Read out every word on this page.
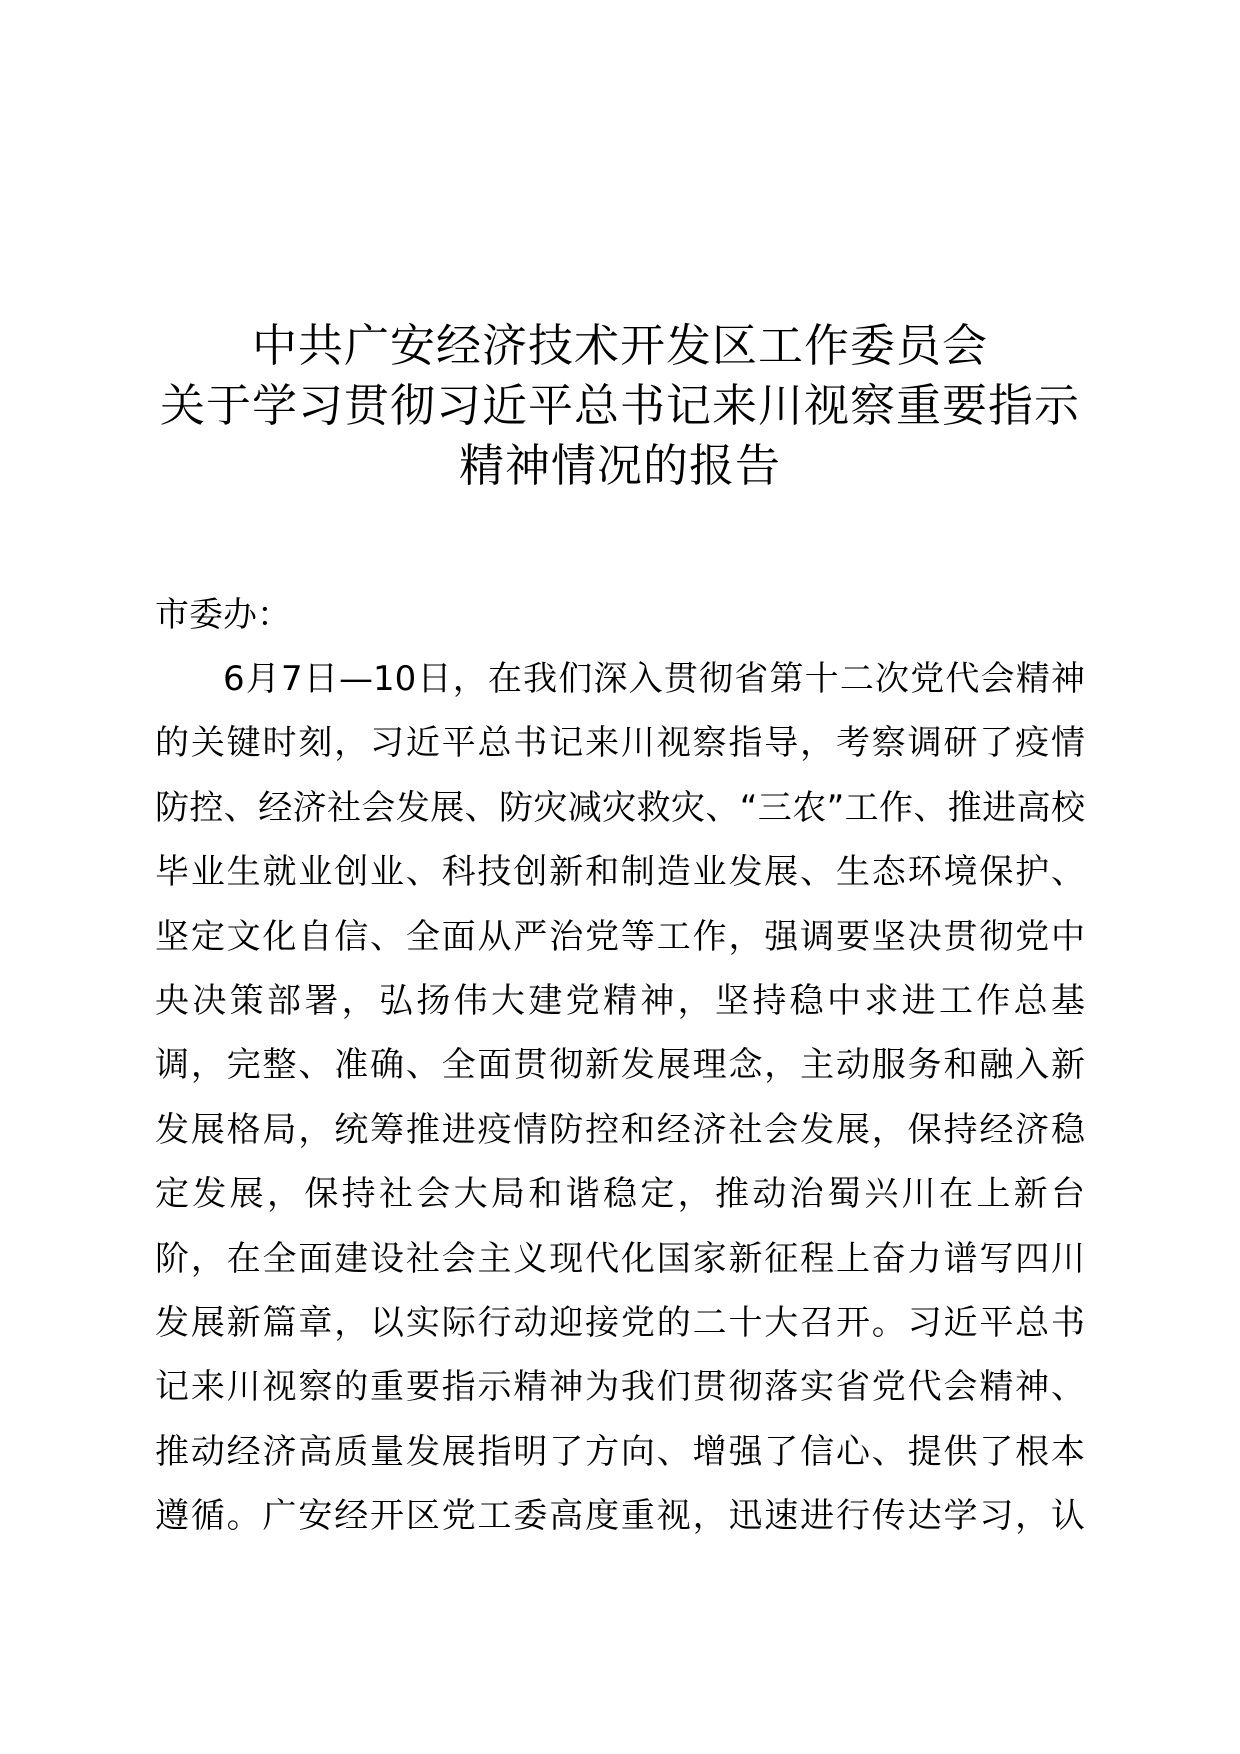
中共广安经济技术开发区工作委员会
关于学习贯彻习近平总书记来川视察重要指示
精神情况的报告
市委办：
6月7日—10日，在我们深入贯彻省第十二次党代会精神
的关键时刻，习近平总书记来川视察指导，考察调研了疫情
防控、经济社会发展、防灾减灾救灾、“三农”工作、推进高校
毕业生就业创业、科技创新和制造业发展、生态环境保护、
坚定文化自信、全面从严治党等工作，强调要坚决贯彻党中
央决策部署，弘扬伟大建党精神，坚持稳中求进工作总基
调，完整、准确、全面贯彻新发展理念，主动服务和融入新
发展格局，统筹推进疫情防控和经济社会发展，保持经济稳
定发展，保持社会大局和谐稳定，推动治蜀兴川在上新台
阶，在全面建设社会主义现代化国家新征程上奋力谱写四川
发展新篇章，以实际行动迎接党的二十大召开。习近平总书
记来川视察的重要指示精神为我们贯彻落实省党代会精神、
推动经济高质量发展指明了方向、增强了信心、提供了根本
遵循。广安经开区党工委高度重视，迅速进行传达学习，认
